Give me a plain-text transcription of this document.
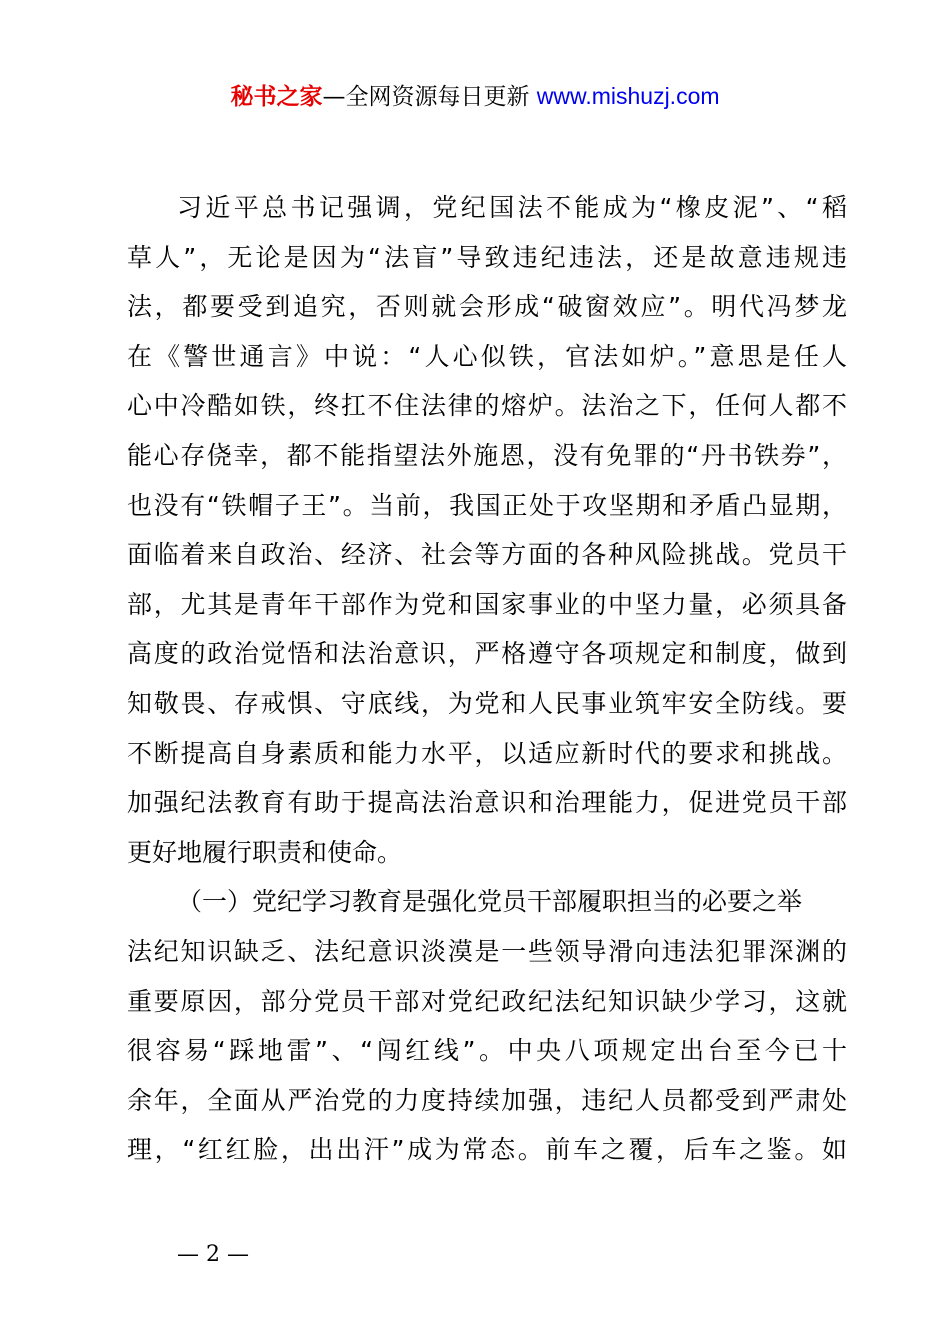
秘书之家—全网资源每日更新 www.mishuzj.com
习近平总书记强调，党纪国法不能成为“橡皮泥”、“稻
草人”，无论是因为“法盲”导致违纪违法，还是故意违规违
法，都要受到追究，否则就会形成“破窗效应”。明代冯梦龙
在《警世通言》中说：“人心似铁，官法如炉。”意思是任人
心中冷酷如铁，终扛不住法律的熔炉。法治之下，任何人都不
能心存侥幸，都不能指望法外施恩，没有免罪的“丹书铁券”，
也没有“铁帽子王”。当前，我国正处于攻坚期和矛盾凸显期，
面临着来自政治、经济、社会等方面的各种风险挑战。党员干
部，尤其是青年干部作为党和国家事业的中坚力量，必须具备
高度的政治觉悟和法治意识，严格遵守各项规定和制度，做到
知敬畏、存戒惧、守底线，为党和人民事业筑牢安全防线。要
不断提高自身素质和能力水平，以适应新时代的要求和挑战。
加强纪法教育有助于提高法治意识和治理能力，促进党员干部
更好地履行职责和使命。
（一）党纪学习教育是强化党员干部履职担当的必要之举
法纪知识缺乏、法纪意识淡漠是一些领导滑向违法犯罪深渊的
重要原因，部分党员干部对党纪政纪法纪知识缺少学习，这就
很容易“踩地雷”、“闯红线”。中央八项规定出台至今已十
余年，全面从严治党的力度持续加强，违纪人员都受到严肃处
理，“红红脸，出出汗”成为常态。前车之覆，后车之鉴。如
— 2 —
